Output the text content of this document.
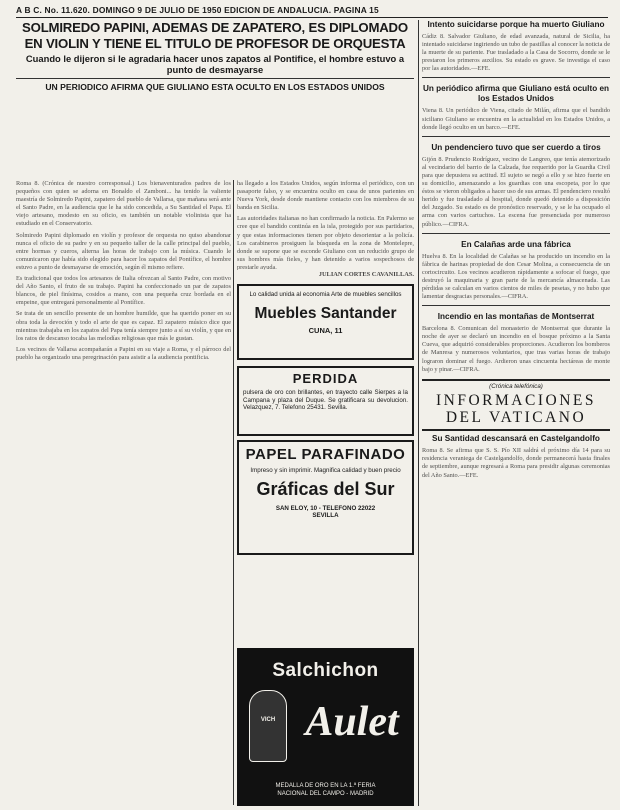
A B C. No. 11.620. DOMINGO 9 DE JULIO DE 1950 EDICION DE ANDALUCIA. PAGINA 15

SOLMIREDO PAPINI, ADEMAS DE ZAPATERO, ES DIPLOMADO EN VIOLIN Y TIENE EL TITULO DE PROFESOR DE ORQUESTA

Cuando le dijeron si le agradaria hacer unos zapatos al Pontifice, el hombre estuvo a punto de desmayarse

UN PERIODICO AFIRMA QUE GIULIANO ESTA OCULTO EN LOS ESTADOS UNIDOS

Roma 8. (Crónica de nuestro corresponsal.) Los bienaventurados padres de los pequeños con quien se adorna en Bonaldo el Zamboni... ha tenido la valiente maestría de Solmiredo Papini, zapatero del pueblo de Vallarsa, que mañana será ante el Santo Padre, en la audiencia que le ha sido concedida, a Su Santidad el Papa. El viejo artesano, modesto en su oficio, es también un notable violinista que ha estudiado en el Conservatorio.

Solmiredo Papini diplomado en violín y profesor de orquesta no quiso abandonar nunca el oficio de su padre y en su pequeño taller de la calle principal del pueblo, entre hormas y cueros, alterna las horas de trabajo con la música. Cuando le comunicaron que había sido elegido para hacer los zapatos del Pontífice, el hombre estuvo a punto de desmayarse de emoción, según él mismo refiere.

Es tradicional que todos los artesanos de Italia ofrezcan al Santo Padre, con motivo del Año Santo, el fruto de su trabajo. Papini ha confeccionado un par de zapatos blancos, de piel finísima, cosidos a mano, con una pequeña cruz bordada en el empeine, que entregará personalmente al Pontífice.

Se trata de un sencillo presente de un hombre humilde, que ha querido poner en su obra toda la devoción y todo el arte de que es capaz. El zapatero músico dice que mientras trabajaba en los zapatos del Papa tenía siempre junto a sí su violín, y que en los ratos de descanso tocaba las melodías religiosas que más le gustan.

Los vecinos de Vallarsa acompañarán a Papini en su viaje a Roma, y el párroco del pueblo ha organizado una peregrinación para asistir a la audiencia pontificia.

ha llegado a los Estados Unidos, según informa el periódico, con un pasaporte falso, y se encuentra oculto en casa de unos parientes en Nueva York, desde donde mantiene contacto con los miembros de su banda en Sicilia.

Las autoridades italianas no han confirmado la noticia. En Palermo se cree que el bandido continúa en la isla, protegido por sus partidarios, y que estas informaciones tienen por objeto desorientar a la policía. Los carabineros prosiguen la búsqueda en la zona de Montelepre, donde se supone que se esconde Giuliano con un reducido grupo de sus hombres más fieles, y han detenido a varios sospechosos de prestarle ayuda.

JULIAN CORTES CAVANILLAS.

Lo calidad unida al economia Arte de muebles sencillos

Muebles Santander

CUNA, 11

PERDIDA

pulsera de oro con brillantes, en trayecto calle Sierpes a la Campana y plaza del Duque. Se gratificara su devolucion. Velazquez, 7. Telefono 25431. Sevilla.

PAPEL PARAFINADO

Impreso y sin imprimir. Magnifica calidad y buen precio

Gráficas del Sur

SAN ELOY, 10 - TELEFONO 22022

SEVILLA

Salchichon

VICH Aulet

MEDALLA DE ORO EN LA 1.ª FERIA
NACIONAL DEL CAMPO - MADRID

Intento suicidarse porque ha muerto Giuliano

Cádiz 8. Salvador Giuliano, de edad avanzada, natural de Sicilia, ha intentado suicidarse ingiriendo un tubo de pastillas al conocer la noticia de la muerte de su pariente. Fue trasladado a la Casa de Socorro, donde se le prestaron los primeros auxilios. Su estado es grave. Se investiga el caso por las autoridades.—EFE.

Un periódico afirma que Giuliano está oculto en los Estados Unidos

Viena 8. Un periódico de Viena, citado de Milán, afirma que el bandido siciliano Giuliano se encuentra en la actualidad en los Estados Unidos, a donde llegó oculto en un barco.—EFE.

Un pendenciero tuvo que ser cuerdo a tiros

Gijón 8. Prudencio Rodríguez, vecino de Langreo, que tenía atemorizado al vecindario del barrio de la Calzada, fue requerido por la Guardia Civil para que depusiera su actitud. El sujeto se negó a ello y se hizo fuerte en su domicilio, amenazando a los guardias con una escopeta, por lo que éstos se vieron obligados a hacer uso de sus armas. El pendenciero resultó herido y fue trasladado al hospital, donde quedó detenido a disposición del Juzgado. Su estado es de pronóstico reservado, y se le ha ocupado el arma con varios cartuchos. La escena fue presenciada por numeroso público.—CIFRA.

En Calañas arde una fábrica

Huelva 8. En la localidad de Calañas se ha producido un incendio en la fábrica de harinas propiedad de don Cesar Molina, a consecuencia de un cortocircuito. Los vecinos acudieron rápidamente a sofocar el fuego, que destruyó la maquinaria y gran parte de la mercancía almacenada. Las pérdidas se calculan en varios cientos de miles de pesetas, y no hubo que lamentar desgracias personales.—CIFRA.

Incendio en las montañas de Montserrat

Barcelona 8. Comunican del monasterio de Montserrat que durante la noche de ayer se declaró un incendio en el bosque próximo a la Santa Cueva, que adquirió considerables proporciones. Acudieron los bomberos de Manresa y numerosos voluntarios, que tras varias horas de trabajo lograron dominar el fuego. Ardieron unas cincuenta hectáreas de monte bajo y pinar.—CIFRA.

(Crónica telefónica)

INFORMACIONES DEL VATICANO

Su Santidad descansará en Castelgandolfo

Roma 8. Se afirma que S. S. Pío XII saldrá el próximo día 14 para su residencia veraniega de Castelgandolfo, donde permanecerá hasta finales de septiembre, aunque regresará a Roma para presidir algunas ceremonias del Año Santo.—EFE.
